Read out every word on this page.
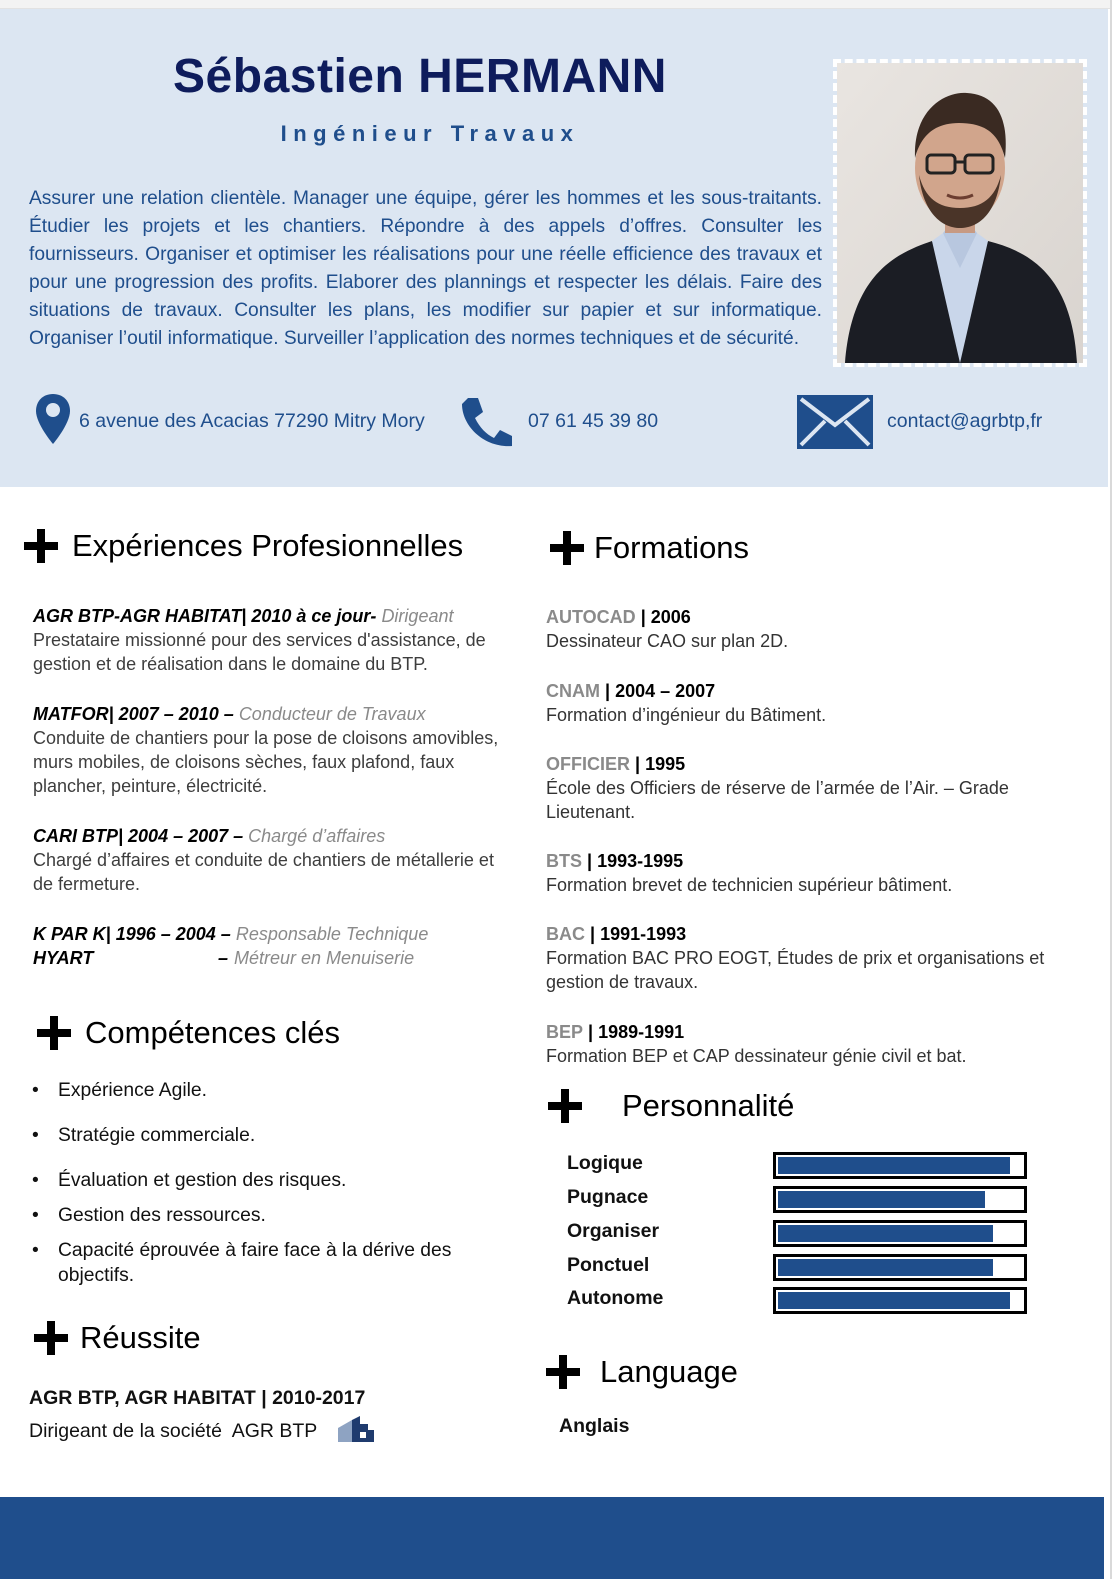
Sébastien HERMANN
Ingénieur Travaux
Assurer une relation clientèle. Manager une équipe, gérer les hommes et les sous-traitants. Étudier les projets et les chantiers. Répondre à des appels d’offres. Consulter les fournisseurs. Organiser et optimiser les réalisations pour une réelle efficience des travaux et pour une progression des profits. Elaborer des plannings et respecter les délais. Faire des situations de travaux. Consulter les plans, les modifier sur papier et sur informatique. Organiser l’outil informatique. Surveiller l’application des normes techniques et de sécurité.
6 avenue des Acacias 77290 Mitry Mory	07 61 45 39 80	contact@agrbtp,fr
Expériences Profesionnelles
AGR BTP-AGR HABITAT| 2010 à ce jour- Dirigeant
Prestataire missionné pour des services d'assistance, de gestion et de réalisation dans le domaine du BTP.
MATFOR| 2007 – 2010 – Conducteur de Travaux
Conduite de chantiers pour la pose de cloisons amovibles, murs mobiles, de cloisons sèches, faux plafond, faux plancher, peinture, électricité.
CARI BTP| 2004 – 2007 – Chargé d’affaires
Chargé d’affaires et conduite de chantiers de métallerie et de fermeture.
K PAR K| 1996 – 2004 – Responsable Technique
HYART	– Métreur en Menuiserie
Compétences clés
• Expérience Agile.
• Stratégie commerciale.
• Évaluation et gestion des risques.
• Gestion des ressources.
• Capacité éprouvée à faire face à la dérive des objectifs.
Réussite
AGR BTP, AGR HABITAT | 2010-2017
Dirigeant de la société  AGR BTP
Formations
AUTOCAD | 2006
Dessinateur CAO sur plan 2D.
CNAM | 2004 – 2007
Formation d’ingénieur du Bâtiment.
OFFICIER | 1995
École des Officiers de réserve de l’armée de l’Air. – Grade Lieutenant.
BTS | 1993-1995
Formation brevet de technicien supérieur bâtiment.
BAC | 1991-1993
Formation BAC PRO EOGT, Études de prix et organisations et gestion de travaux.
BEP | 1989-1991
Formation BEP et CAP dessinateur génie civil et bat.
Personnalité
Logique
Pugnace
Organiser
Ponctuel
Autonome
Language
Anglais
